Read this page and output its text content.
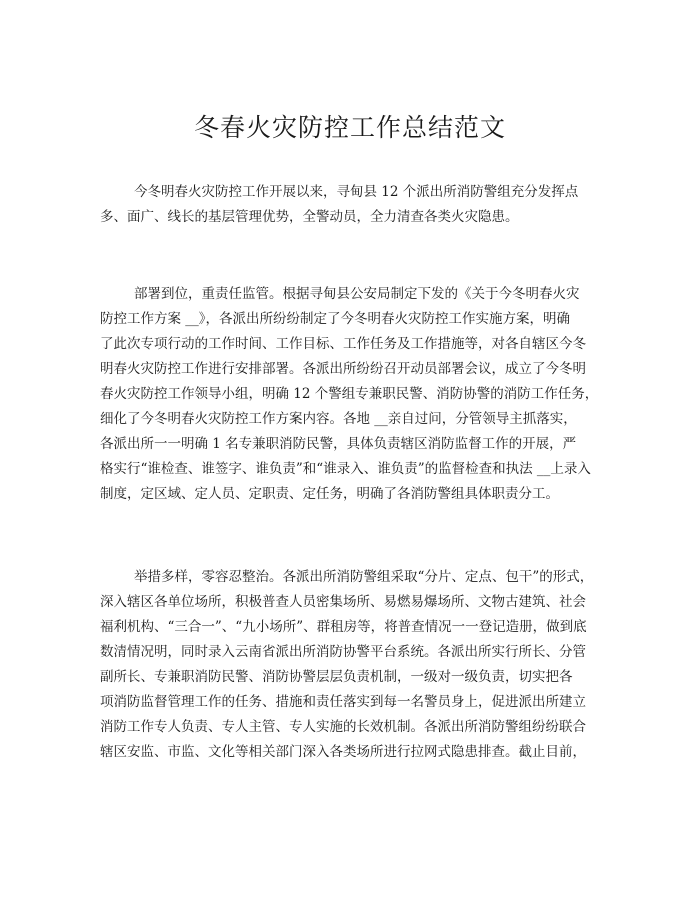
冬春火灾防控工作总结范文
今冬明春火灾防控工作开展以来，寻甸县 12 个派出所消防警组充分发挥点
多、面广、线长的基层管理优势，全警动员，全力清查各类火灾隐患。
部署到位，重责任监管。根据寻甸县公安局制定下发的《关于今冬明春火灾
防控工作方案 __》，各派出所纷纷制定了今冬明春火灾防控工作实施方案，明确
了此次专项行动的工作时间、工作目标、工作任务及工作措施等，对各自辖区今冬
明春火灾防控工作进行安排部署。各派出所纷纷召开动员部署会议，成立了今冬明
春火灾防控工作领导小组，明确 12 个警组专兼职民警、消防协警的消防工作任务，
细化了今冬明春火灾防控工作方案内容。各地 __亲自过问，分管领导主抓落实，
各派出所一一明确 1 名专兼职消防民警，具体负责辖区消防监督工作的开展，严
格实行“谁检查、谁签字、谁负责”和“谁录入、谁负责”的监督检查和执法 __上录入
制度，定区域、定人员、定职责、定任务，明确了各消防警组具体职责分工。
举措多样，零容忍整治。各派出所消防警组采取“分片、定点、包干”的形式，
深入辖区各单位场所，积极普查人员密集场所、易燃易爆场所、文物古建筑、社会
福利机构、“三合一”、“九小场所”、群租房等，将普查情况一一登记造册，做到底
数清情况明，同时录入云南省派出所消防协警平台系统。各派出所实行所长、分管
副所长、专兼职消防民警、消防协警层层负责机制，一级对一级负责，切实把各
项消防监督管理工作的任务、措施和责任落实到每一名警员身上，促进派出所建立
消防工作专人负责、专人主管、专人实施的长效机制。各派出所消防警组纷纷联合
辖区安监、市监、文化等相关部门深入各类场所进行拉网式隐患排查。截止目前，
